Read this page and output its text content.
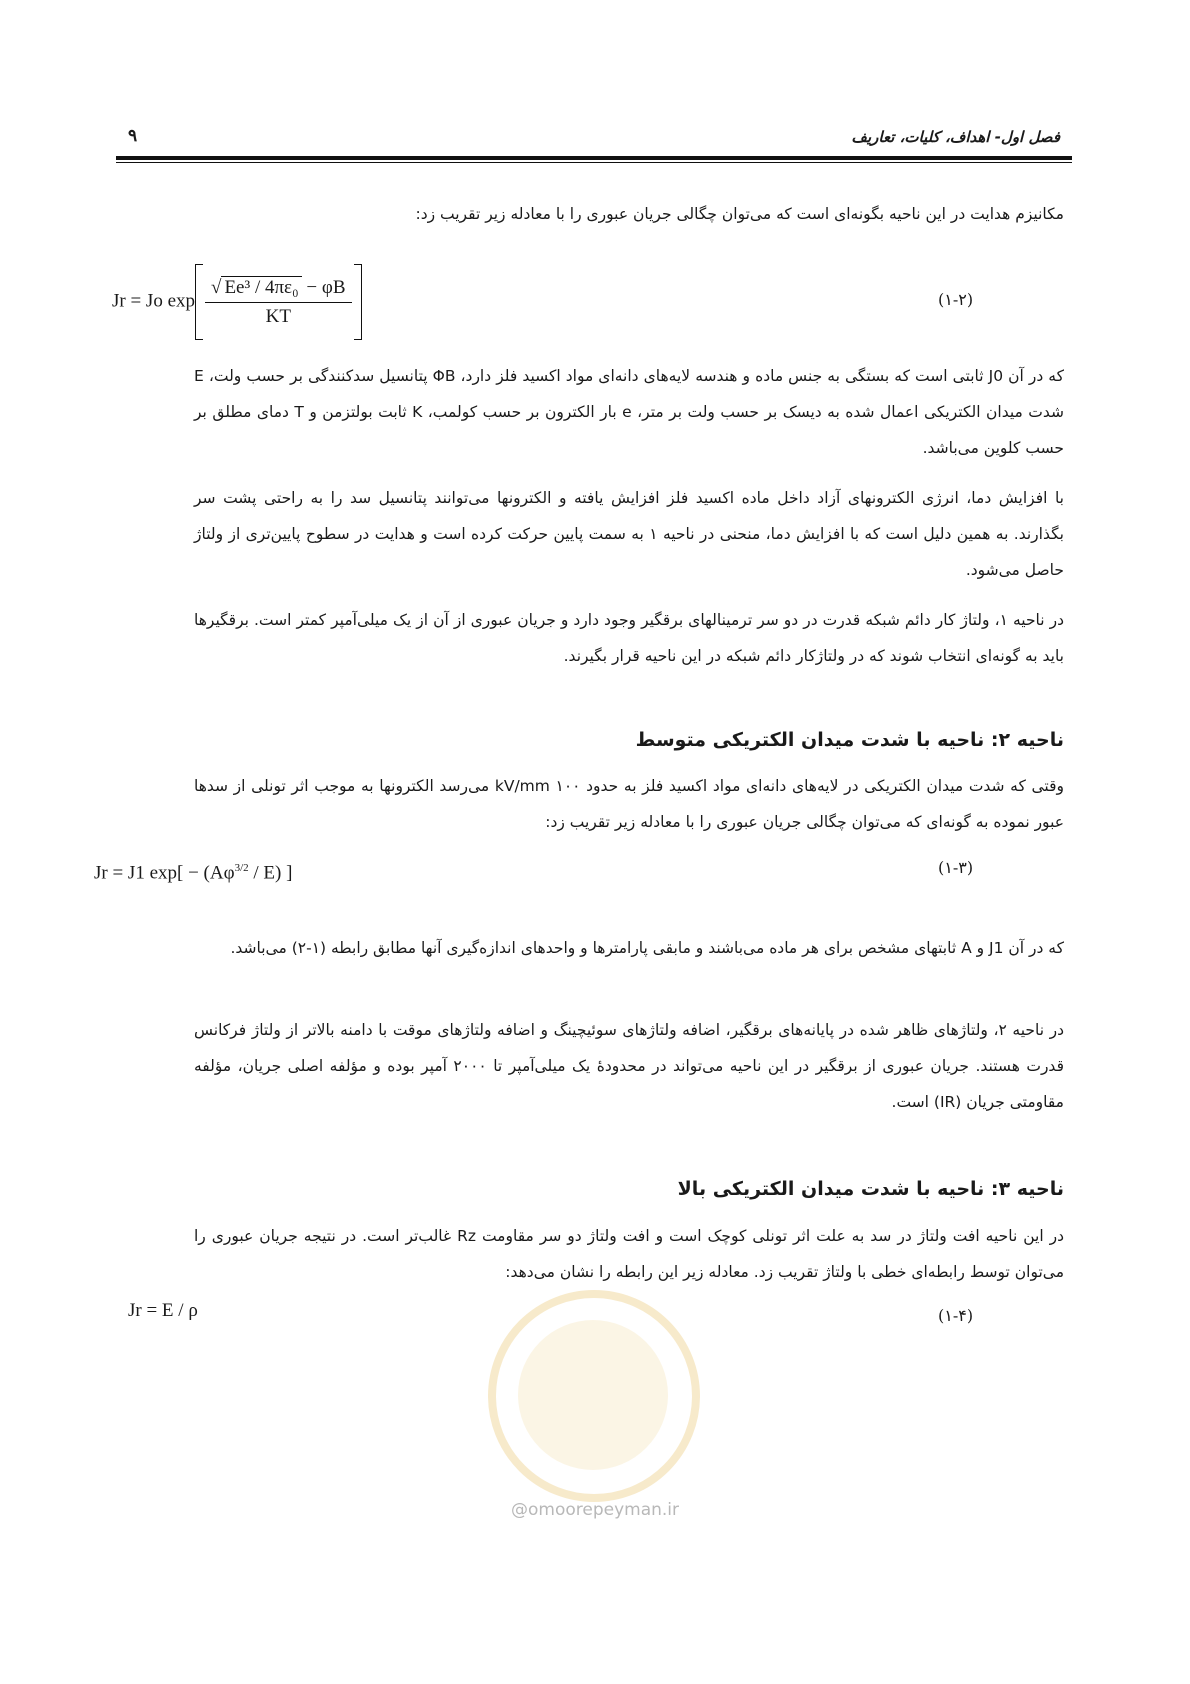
فصل اول- اهداف، کلیات، تعاریف
۹
مکانیزم هدایت در این ناحیه بگونه‌ای است که می‌توان چگالی جریان عبوری را با معادله زیر تقریب زد:
Jr = Jo $\exp \frac{\text{√ Ee³ / 4πε₀ − φB}}{KT}$	(۱-۲)
که در آن J0 ثابتی است که بستگی به جنس ماده و هندسه لایه‌های دانه‌ای مواد اکسید فلز دارد، ΦB پتانسیل سدکنندگی بر حسب ولت، E شدت میدان الکتریکی اعمال شده به دیسک بر حسب ولت بر متر، e بار الکترون بر حسب کولمب، K ثابت بولتزمن و T دمای مطلق بر حسب کلوین می‌باشد.
با افزایش دما، انرژی الکترونهای آزاد داخل ماده اکسید فلز افزایش یافته و الکترونها می‌توانند پتانسیل سد را به راحتی پشت سر بگذارند. به همین دلیل است که با افزایش دما، منحنی در ناحیه ۱ به سمت پایین حرکت کرده است و هدایت در سطوح پایین‌تری از ولتاژ حاصل می‌شود.
در ناحیه ۱، ولتاژ کار دائم شبکه قدرت در دو سر ترمینالهای برقگیر وجود دارد و جریان عبوری از آن از یک میلی‌آمپر کمتر است. برقگیرها باید به گونه‌ای انتخاب شوند که در ولتاژکار دائم شبکه در این ناحیه قرار بگیرند.
ناحیه ۲: ناحیه با شدت میدان الکتریکی متوسط
وقتی که شدت میدان الکتریکی در لایه‌های دانه‌ای مواد اکسید فلز به حدود ۱۰۰ kV/mm می‌رسد الکترونها به موجب اثر تونلی از سدها عبور نموده به گونه‌ای که می‌توان چگالی جریان عبوری را با معادله زیر تقریب زد:
Jr = J1 $\exp[ - (A\varphi^{3/2} / E)$ ]	(۱-۳)
که در آن J1 و A ثابتهای مشخص برای هر ماده می‌باشند و مابقی پارامترها و واحدهای اندازه‌گیری آنها مطابق رابطه (۱-۲) می‌باشد.
در ناحیه ۲، ولتاژهای ظاهر شده در پایانه‌های برقگیر، اضافه ولتاژهای سوئیچینگ و اضافه ولتاژهای موقت با دامنه بالاتر از ولتاژ فرکانس قدرت هستند. جریان عبوری از برقگیر در این ناحیه می‌تواند در محدودهٔ یک میلی‌آمپر تا ۲۰۰۰ آمپر بوده و مؤلفه اصلی جریان، مؤلفه مقاومتی جریان (IR) است.
ناحیه ۳: ناحیه با شدت میدان الکتریکی بالا
در این ناحیه افت ولتاژ در سد به علت اثر تونلی کوچک است و افت ولتاژ دو سر مقاومت Rz غالب‌تر است. در نتیجه جریان عبوری را می‌توان توسط رابطه‌ای خطی با ولتاژ تقریب زد. معادله زیر این رابطه را نشان می‌دهد:
Jr = E / ρ	(۱-۴)
@omoorepeyman.ir
